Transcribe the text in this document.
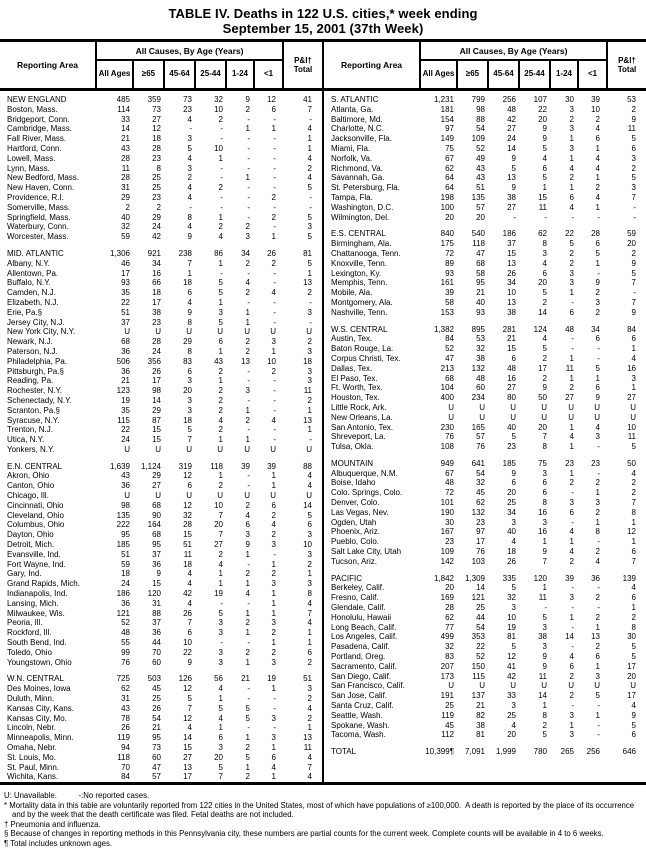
TABLE IV. Deaths in 122 U.S. cities,* week ending
September 15, 2001 (37th Week)
Reporting Area
All Causes, By Age (Years)
All Ages	≥65	45-64	25-44	1-24	<1
P&I†
Total
NEW ENGLAND	485	359	73	32	9	12	41
Boston, Mass.	114	73	23	10	2	6	7
Bridgeport, Conn.	33	27	4	2	-	-	-
Cambridge, Mass.	14	12	-	-	1	1	4
Fall River, Mass.	21	18	3	-	-	-	1
Hartford, Conn.	43	28	5	10	-	-	1
Lowell, Mass.	28	23	4	1	-	-	4
Lynn, Mass.	11	8	3	-	-	-	2
New Bedford, Mass.	28	25	2	-	1	-	4
New Haven, Conn.	31	25	4	2	-	-	5
Providence, R.I.	29	23	4	-	-	2	-
Somerville, Mass.	2	2	-	-	-	-	-
Springfield, Mass.	40	29	8	1	-	2	5
Waterbury, Conn.	32	24	4	2	2	-	3
Worcester, Mass.	59	42	9	4	3	1	5
MID. ATLANTIC	1,306	921	238	86	34	26	81
Albany, N.Y.	46	34	7	1	2	2	5
Allentown, Pa.	17	16	1	-	-	-	1
Buffalo, N.Y.	93	66	18	5	4	-	13
Camden, N.J.	35	18	6	5	2	4	2
Elizabeth, N.J.	22	17	4	1	-	-	-
Erie, Pa.§	51	38	9	3	1	-	3
Jersey City, N.J.	37	23	8	5	1	-	-
New York City, N.Y.	U	U	U	U	U	U	U
Newark, N.J.	68	28	29	6	2	3	2
Paterson, N.J.	36	24	8	1	2	1	3
Philadelphia, Pa.	506	356	83	43	13	10	18
Pittsburgh, Pa.§	36	26	6	2	-	2	3
Reading, Pa.	21	17	3	1	-	-	3
Rochester, N.Y.	123	98	20	2	3	-	11
Schenectady, N.Y.	19	14	3	2	-	-	2
Scranton, Pa.§	35	29	3	2	1	-	1
Syracuse, N.Y.	115	87	18	4	2	4	13
Trenton, N.J.	22	15	5	2	-	-	1
Utica, N.Y.	24	15	7	1	1	-	-
Yonkers, N.Y.	U	U	U	U	U	U	U
E.N. CENTRAL	1,639	1,124	319	118	39	39	88
Akron, Ohio	43	29	12	1	-	1	4
Canton, Ohio	36	27	6	2	-	1	4
Chicago, Ill.	U	U	U	U	U	U	U
Cincinnati, Ohio	98	68	12	10	2	6	14
Cleveland, Ohio	135	90	32	7	4	2	5
Columbus, Ohio	222	164	28	20	6	4	6
Dayton, Ohio	95	68	15	7	3	2	3
Detroit, Mich.	185	95	51	27	9	3	10
Evansville, Ind.	51	37	11	2	1	-	3
Fort Wayne, Ind.	59	36	18	4	-	1	2
Gary, Ind.	18	9	4	1	2	2	1
Grand Rapids, Mich.	24	15	4	1	1	3	3
Indianapolis, Ind.	186	120	42	19	4	1	8
Lansing, Mich.	36	31	4	-	-	1	4
Milwaukee, Wis.	121	88	26	5	1	1	7
Peoria, Ill.	52	37	7	3	2	3	4
Rockford, Ill.	48	36	6	3	1	2	1
South Bend, Ind.	55	44	10	-	-	1	1
Toledo, Ohio	99	70	22	3	2	2	6
Youngstown, Ohio	76	60	9	3	1	3	2
W.N. CENTRAL	725	503	126	56	21	19	51
Des Moines, Iowa	62	45	12	4	-	1	3
Duluth, Minn.	31	25	5	1	-	-	2
Kansas City, Kans.	43	26	7	5	5	-	4
Kansas City, Mo.	78	54	12	4	5	3	2
Lincoln, Nebr.	26	21	4	1	-	-	1
Minneapolis, Minn.	119	95	14	6	1	3	13
Omaha, Nebr.	94	73	15	3	2	1	11
St. Louis, Mo.	118	60	27	20	5	6	4
St. Paul, Minn.	70	47	13	5	1	4	7
Wichita, Kans.	84	57	17	7	2	1	4
Reporting Area
All Causes, By Age (Years)
All Ages	≥65	45-64	25-44	1-24	<1
P&I†
Total
S. ATLANTIC	1,231	799	256	107	30	39	53
Atlanta, Ga.	181	98	48	22	3	10	2
Baltimore, Md.	154	88	42	20	2	2	9
Charlotte, N.C.	97	54	27	9	3	4	11
Jacksonville, Fla.	149	109	24	9	1	6	5
Miami, Fla.	75	52	14	5	3	1	6
Norfolk, Va.	67	49	9	4	1	4	3
Richmond, Va.	62	43	5	6	4	4	2
Savannah, Ga.	64	43	13	5	2	1	5
St. Petersburg, Fla.	64	51	9	1	1	2	3
Tampa, Fla.	198	135	38	15	6	4	7
Washington, D.C.	100	57	27	11	4	1	-
Wilmington, Del.	20	20	-	-	-	-	-
E.S. CENTRAL	840	540	186	62	22	28	59
Birmingham, Ala.	175	118	37	8	5	6	20
Chattanooga, Tenn.	72	47	15	3	2	5	2
Knoxville, Tenn.	89	68	13	4	2	1	9
Lexington, Ky.	93	58	26	6	3	-	5
Memphis, Tenn.	161	95	34	20	3	9	7
Mobile, Ala.	39	21	10	5	1	2	-
Montgomery, Ala.	58	40	13	2	-	3	7
Nashville, Tenn.	153	93	38	14	6	2	9
W.S. CENTRAL	1,382	895	281	124	48	34	84
Austin, Tex.	84	53	21	4	-	6	6
Baton Rouge, La.	52	32	15	5	-	-	1
Corpus Christi, Tex.	47	38	6	2	1	-	4
Dallas, Tex.	213	132	48	17	11	5	16
El Paso, Tex.	68	48	16	2	1	1	3
Ft. Worth, Tex.	104	60	27	9	2	6	1
Houston, Tex.	400	234	80	50	27	9	27
Little Rock, Ark.	U	U	U	U	U	U	U
New Orleans, La.	U	U	U	U	U	U	U
San Antonio, Tex.	230	165	40	20	1	4	10
Shreveport, La.	76	57	5	7	4	3	11
Tulsa, Okla.	108	76	23	8	1	-	5
MOUNTAIN	949	641	185	75	23	23	50
Albuquerque, N.M.	67	54	9	3	1	-	4
Boise, Idaho	48	32	6	6	2	2	2
Colo. Springs, Colo.	72	45	20	6	-	1	2
Denver, Colo.	101	62	25	8	3	3	7
Las Vegas, Nev.	190	132	34	16	6	2	8
Ogden, Utah	30	23	3	3	-	1	1
Phoenix, Ariz.	167	97	40	16	4	8	12
Pueblo, Colo.	23	17	4	1	1	-	1
Salt Lake City, Utah	109	76	18	9	4	2	6
Tucson, Ariz.	142	103	26	7	2	4	7
PACIFIC	1,842	1,309	335	120	39	36	139
Berkeley, Calif.	20	14	5	1	-	-	4
Fresno, Calif.	169	121	32	11	3	2	6
Glendale, Calif.	28	25	3	-	-	-	1
Honolulu, Hawaii	62	44	10	5	1	2	2
Long Beach, Calif.	77	54	19	3	-	1	8
Los Angeles, Calif.	499	353	81	38	14	13	30
Pasadena, Calif.	32	22	5	3	-	2	5
Portland, Oreg.	83	52	12	9	4	6	5
Sacramento, Calif.	207	150	41	9	6	1	17
San Diego, Calif.	173	115	42	11	2	3	20
San Francisco, Calif.	U	U	U	U	U	U	U
San Jose, Calif.	191	137	33	14	2	5	17
Santa Cruz, Calif.	25	21	3	1	-	-	4
Seattle, Wash.	119	82	25	8	3	1	9
Spokane, Wash.	45	38	4	2	1	-	5
Tacoma, Wash.	112	81	20	5	3	-	6
TOTAL	10,399¶	7,091	1,999	780	265	256	646
U: Unavailable.          -:No reported cases.
* Mortality data in this table are voluntarily reported from 122 cities in the United States, most of which have populations of ≥100,000.  A death is reported by the place of its occurrence and by the week that the death certificate was filed. Fetal deaths are not included.
† Pneumonia and influenza.
§ Because of changes in reporting methods in this Pennsylvania city, these numbers are partial counts for the current week. Complete counts will be available in 4 to 6 weeks.
¶ Total includes unknown ages.
